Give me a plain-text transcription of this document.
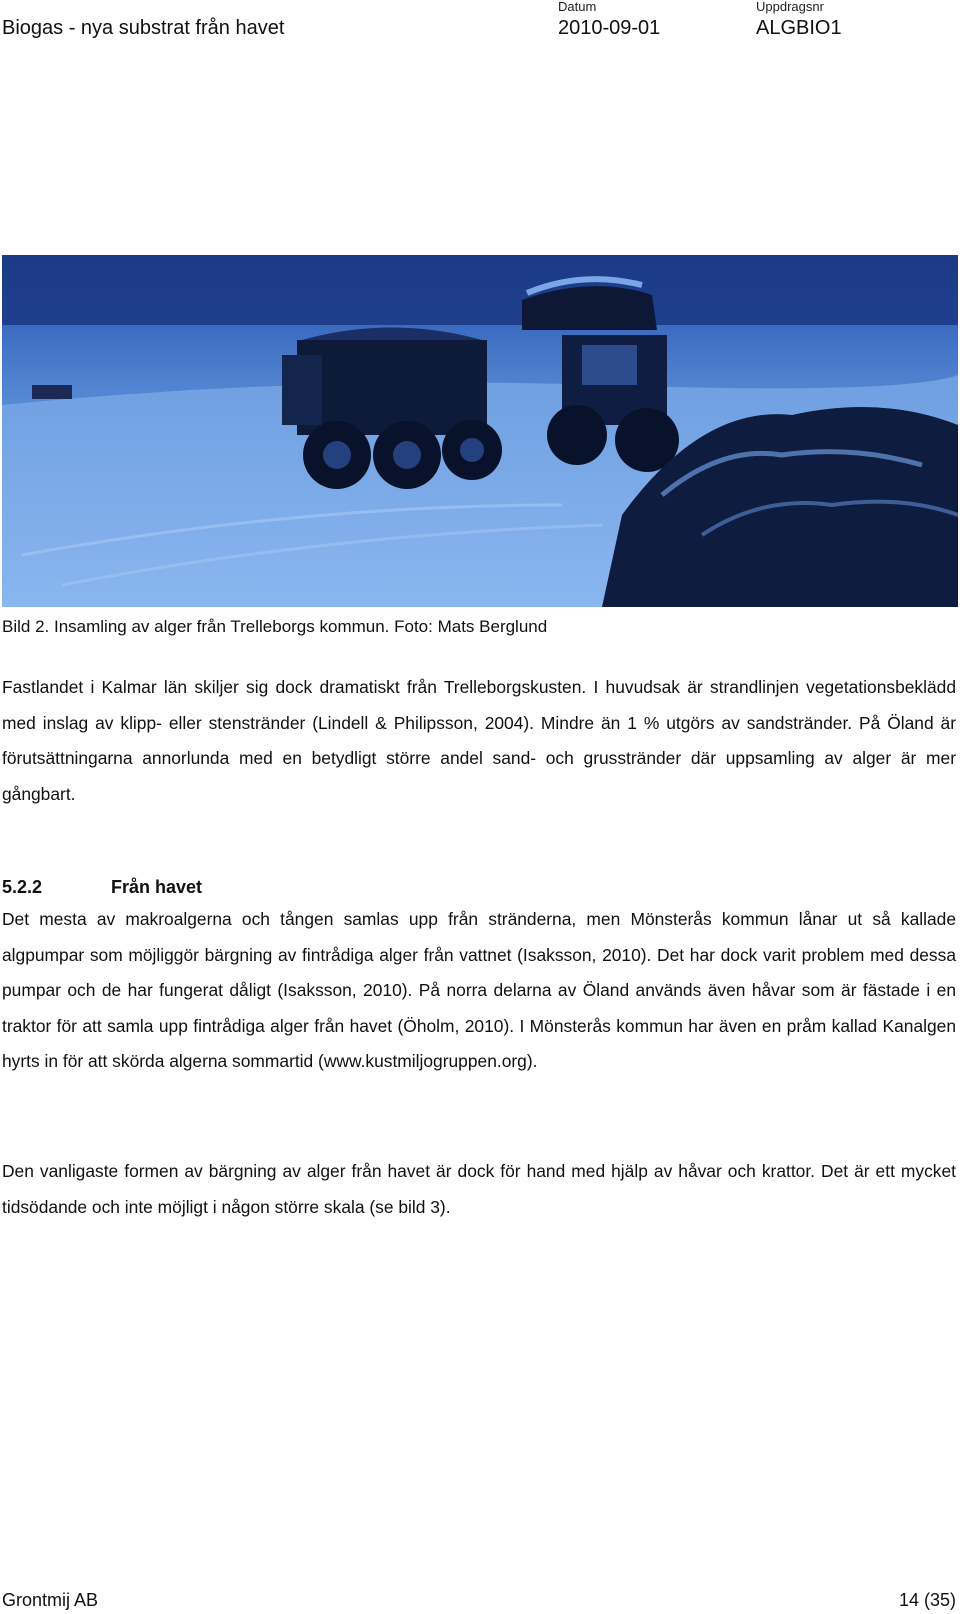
Biogas - nya substrat från havet
Datum
2010-09-01
Uppdragsnr
ALGBIO1
Bild 2. Insamling av alger från Trelleborgs kommun. Foto: Mats Berglund

Fastlandet i Kalmar län skiljer sig dock dramatiskt från Trelleborgskusten. I huvudsak är strandlinjen vegetationsbeklädd med inslag av klipp- eller stenstränder (Lindell & Philipsson, 2004). Mindre än 1 % utgörs av sandstränder. På Öland är förutsättningarna annorlunda med en betydligt större andel sand- och grusstränder där uppsamling av alger är mer gångbart.

5.2.2	Från havet

Det mesta av makroalgerna och tången samlas upp från stränderna, men Mönsterås kommun lånar ut så kallade algpumpar som möjliggör bärgning av fintrådiga alger från vattnet (Isaksson, 2010). Det har dock varit problem med dessa pumpar och de har fungerat dåligt (Isaksson, 2010). På norra delarna av Öland används även håvar som är fästade i en traktor för att samla upp fintrådiga alger från havet (Öholm, 2010). I Mönsterås kommun har även en pråm kallad Kanalgen hyrts in för att skörda algerna sommartid (www.kustmiljogruppen.org).

Den vanligaste formen av bärgning av alger från havet är dock för hand med hjälp av håvar och krattor. Det är ett mycket tidsödande och inte möjligt i någon större skala (se bild 3).

Grontmij AB	14 (35)
